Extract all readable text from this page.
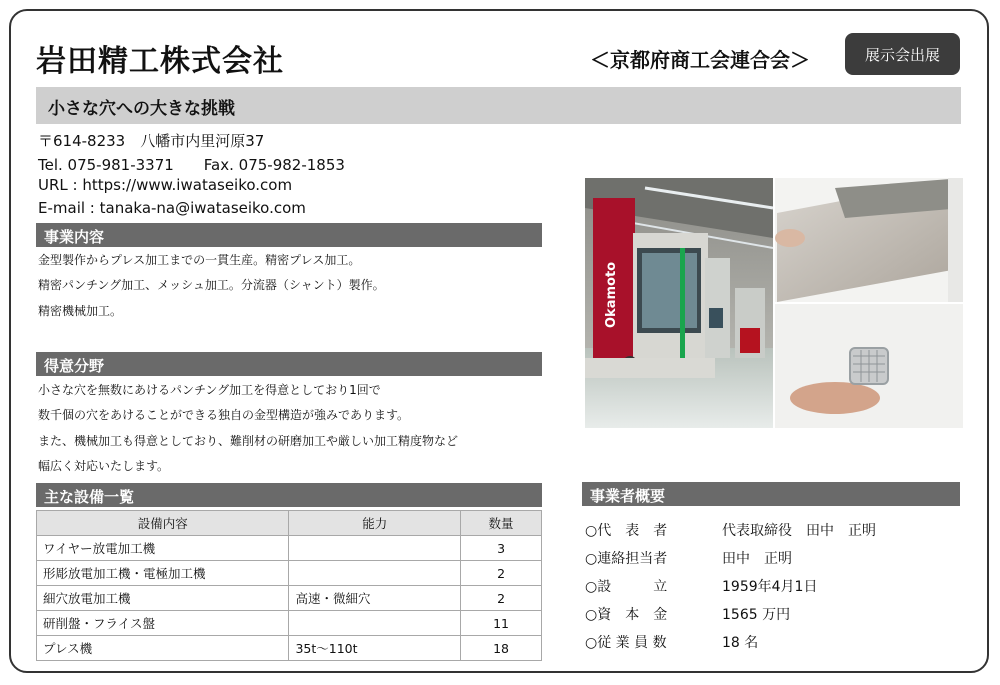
岩田精工株式会社	＜京都府商工会連合会＞	展示会出展
小さな穴への大きな挑戦
〒614-8233　八幡市内里河原37
Tel. 075-981-3371　　Fax. 075-982-1853
URL : https://www.iwataseiko.com
E-mail : tanaka-na@iwataseiko.com
事業内容
金型製作からプレス加工までの一貫生産。精密プレス加工。
精密パンチング加工、メッシュ加工。分流器（シャント）製作。
精密機械加工。
得意分野
小さな穴を無数にあけるパンチング加工を得意としており1回で
数千個の穴をあけることができる独自の金型構造が強みであります。
また、機械加工も得意としており、難削材の研磨加工や厳しい加工精度物など
幅広く対応いたします。
Okamoto
主な設備一覧
設備内容	能力	数量
ワイヤー放電加工機		3
形彫放電加工機・電極加工機		2
細穴放電加工機	高速・微細穴	2
研削盤・フライス盤		11
プレス機	35t～110t	18
事業者概要
○代　表　者	代表取締役　田中　正明
○連絡担当者	田中　正明
○設　　　立	1959年4月1日
○資　本　金	1565 万円
○従 業 員 数	18 名
